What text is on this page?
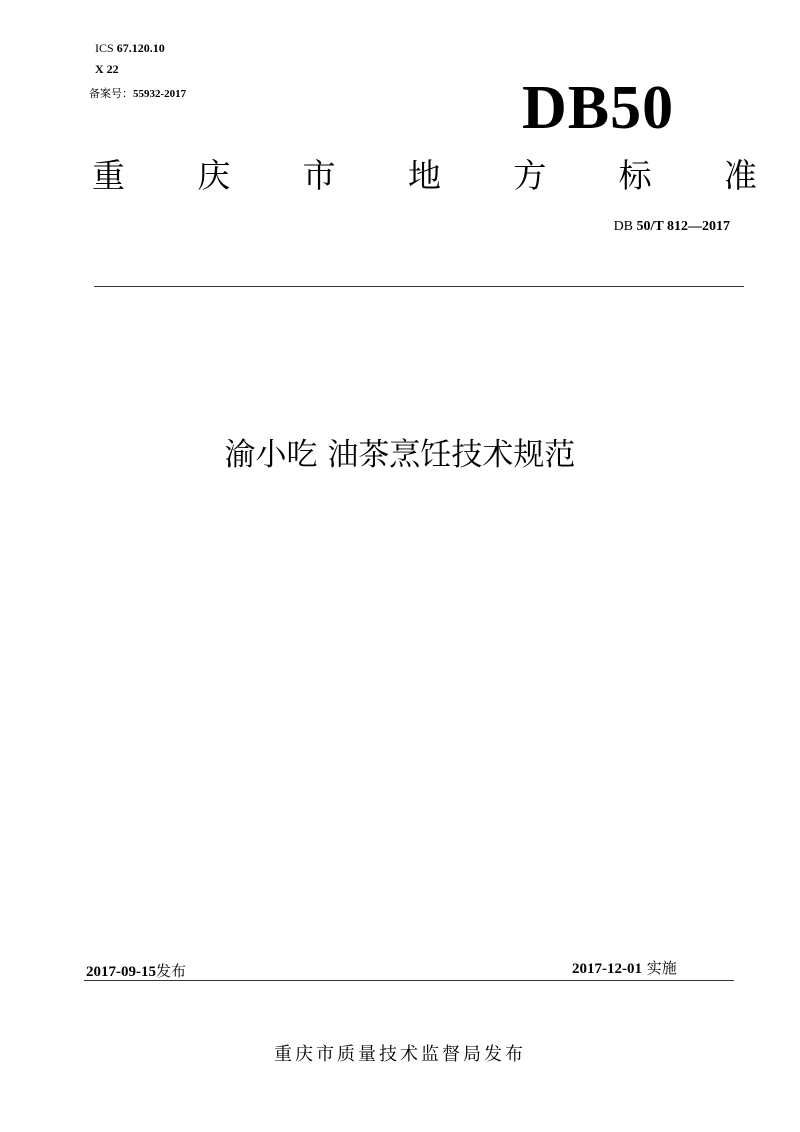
ICS 67.120.10
X 22
备案号：55932-2017	DB50
重 庆 市 地 方 标 准
DB 50/T 812—2017
渝小吃 油茶烹饪技术规范
2017-09-15发布	2017-12-01 实施
重庆市质量技术监督局发布
